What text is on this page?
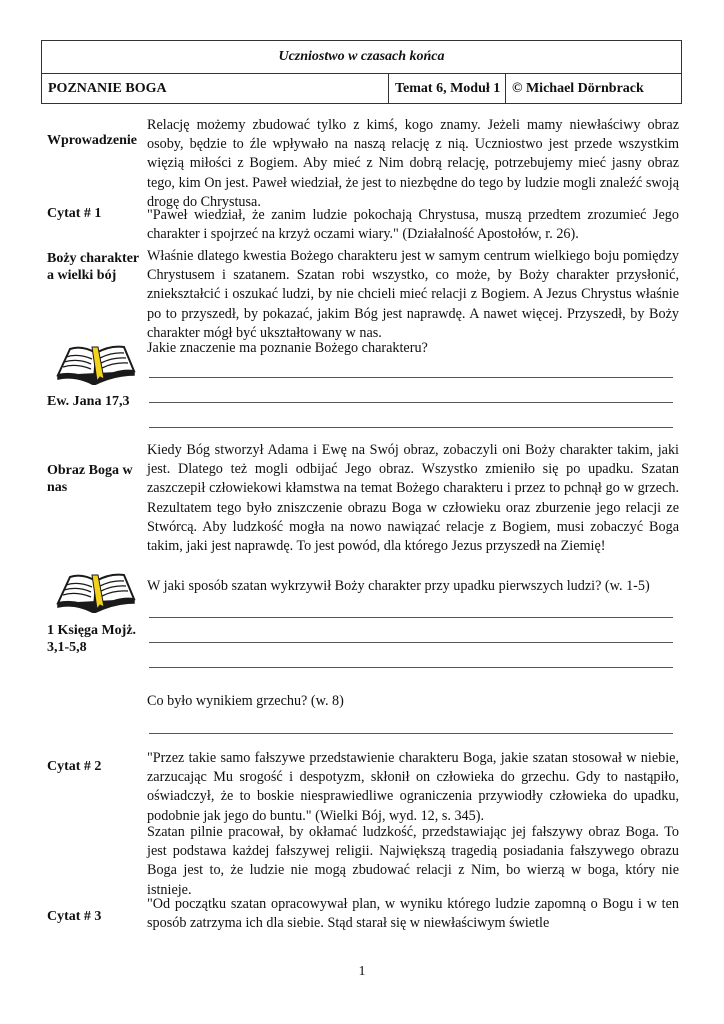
Uczniostwo w czasach końca
POZNANIE BOGA	Temat 6, Moduł 1 © Michael Dörnbrack
Wprowadzenie
Relację możemy zbudować tylko z kimś, kogo znamy. Jeżeli mamy niewłaściwy obraz osoby, będzie to źle wpływało na naszą relację z nią. Uczniostwo jest przede wszystkim więzią miłości z Bogiem. Aby mieć z Nim dobrą relację, potrzebujemy mieć jasny obraz tego, kim On jest. Paweł wiedział, że jest to niezbędne do tego by ludzie mogli znaleźć swoją drogę do Chrystusa.
Cytat # 1	"Paweł wiedział, że zanim ludzie pokochają Chrystusa, muszą przedtem zrozumieć Jego charakter i spojrzeć na krzyż oczami wiary." (Działalność Apostołów, r. 26).
Boży charakter a wielki bój
Właśnie dlatego kwestia Bożego charakteru jest w samym centrum wielkiego boju pomiędzy Chrystusem i szatanem. Szatan robi wszystko, co może, by Boży charakter przysłonić, zniekształcić i oszukać ludzi, by nie chcieli mieć relacji z Bogiem. A Jezus Chrystus właśnie po to przyszedł, by pokazać, jakim Bóg jest naprawdę. A nawet więcej. Przyszedł, by Boży charakter mógł być ukształtowany w nas.
Ew. Jana 17,3
Jakie znaczenie ma poznanie Bożego charakteru?
Obraz Boga w nas
Kiedy Bóg stworzył Adama i Ewę na Swój obraz, zobaczyli oni Boży charakter takim, jaki jest. Dlatego też mogli odbijać Jego obraz. Wszystko zmieniło się po upadku. Szatan zaszczepił człowiekowi kłamstwa na temat Bożego charakteru i przez to pchnął go w grzech. Rezultatem tego było zniszczenie obrazu Boga w człowieku oraz zburzenie jego relacji ze Stwórcą. Aby ludzkość mogła na nowo nawiązać relacje z Bogiem, musi zobaczyć Boga takim, jaki jest naprawdę. To jest powód, dla którego Jezus przyszedł na Ziemię!
1 Księga Mojż. 3,1-5,8
W jaki sposób szatan wykrzywił Boży charakter przy upadku pierwszych ludzi? (w. 1-5)
Co było wynikiem grzechu? (w. 8)
Cytat # 2
"Przez takie samo fałszywe przedstawienie charakteru Boga, jakie szatan stosował w niebie, zarzucając Mu srogość i despotyzm, skłonił on człowieka do grzechu. Gdy to nastąpiło, oświadczył, że to boskie niesprawiedliwe ograniczenia przywiodły człowieka do upadku, podobnie jak jego do buntu." (Wielki Bój, wyd. 12, s. 345).
Szatan pilnie pracował, by okłamać ludzkość, przedstawiając jej fałszywy obraz Boga. To jest podstawa każdej fałszywej religii. Największą tragedią posiadania fałszywego obrazu Boga jest to, że ludzie nie mogą zbudować relacji z Nim, bo wierzą w boga, który nie istnieje.
Cytat # 3
"Od początku szatan opracowywał plan, w wyniku którego ludzie zapomną o Bogu i w ten sposób zatrzyma ich dla siebie. Stąd starał się w niewłaściwym świetle
1
